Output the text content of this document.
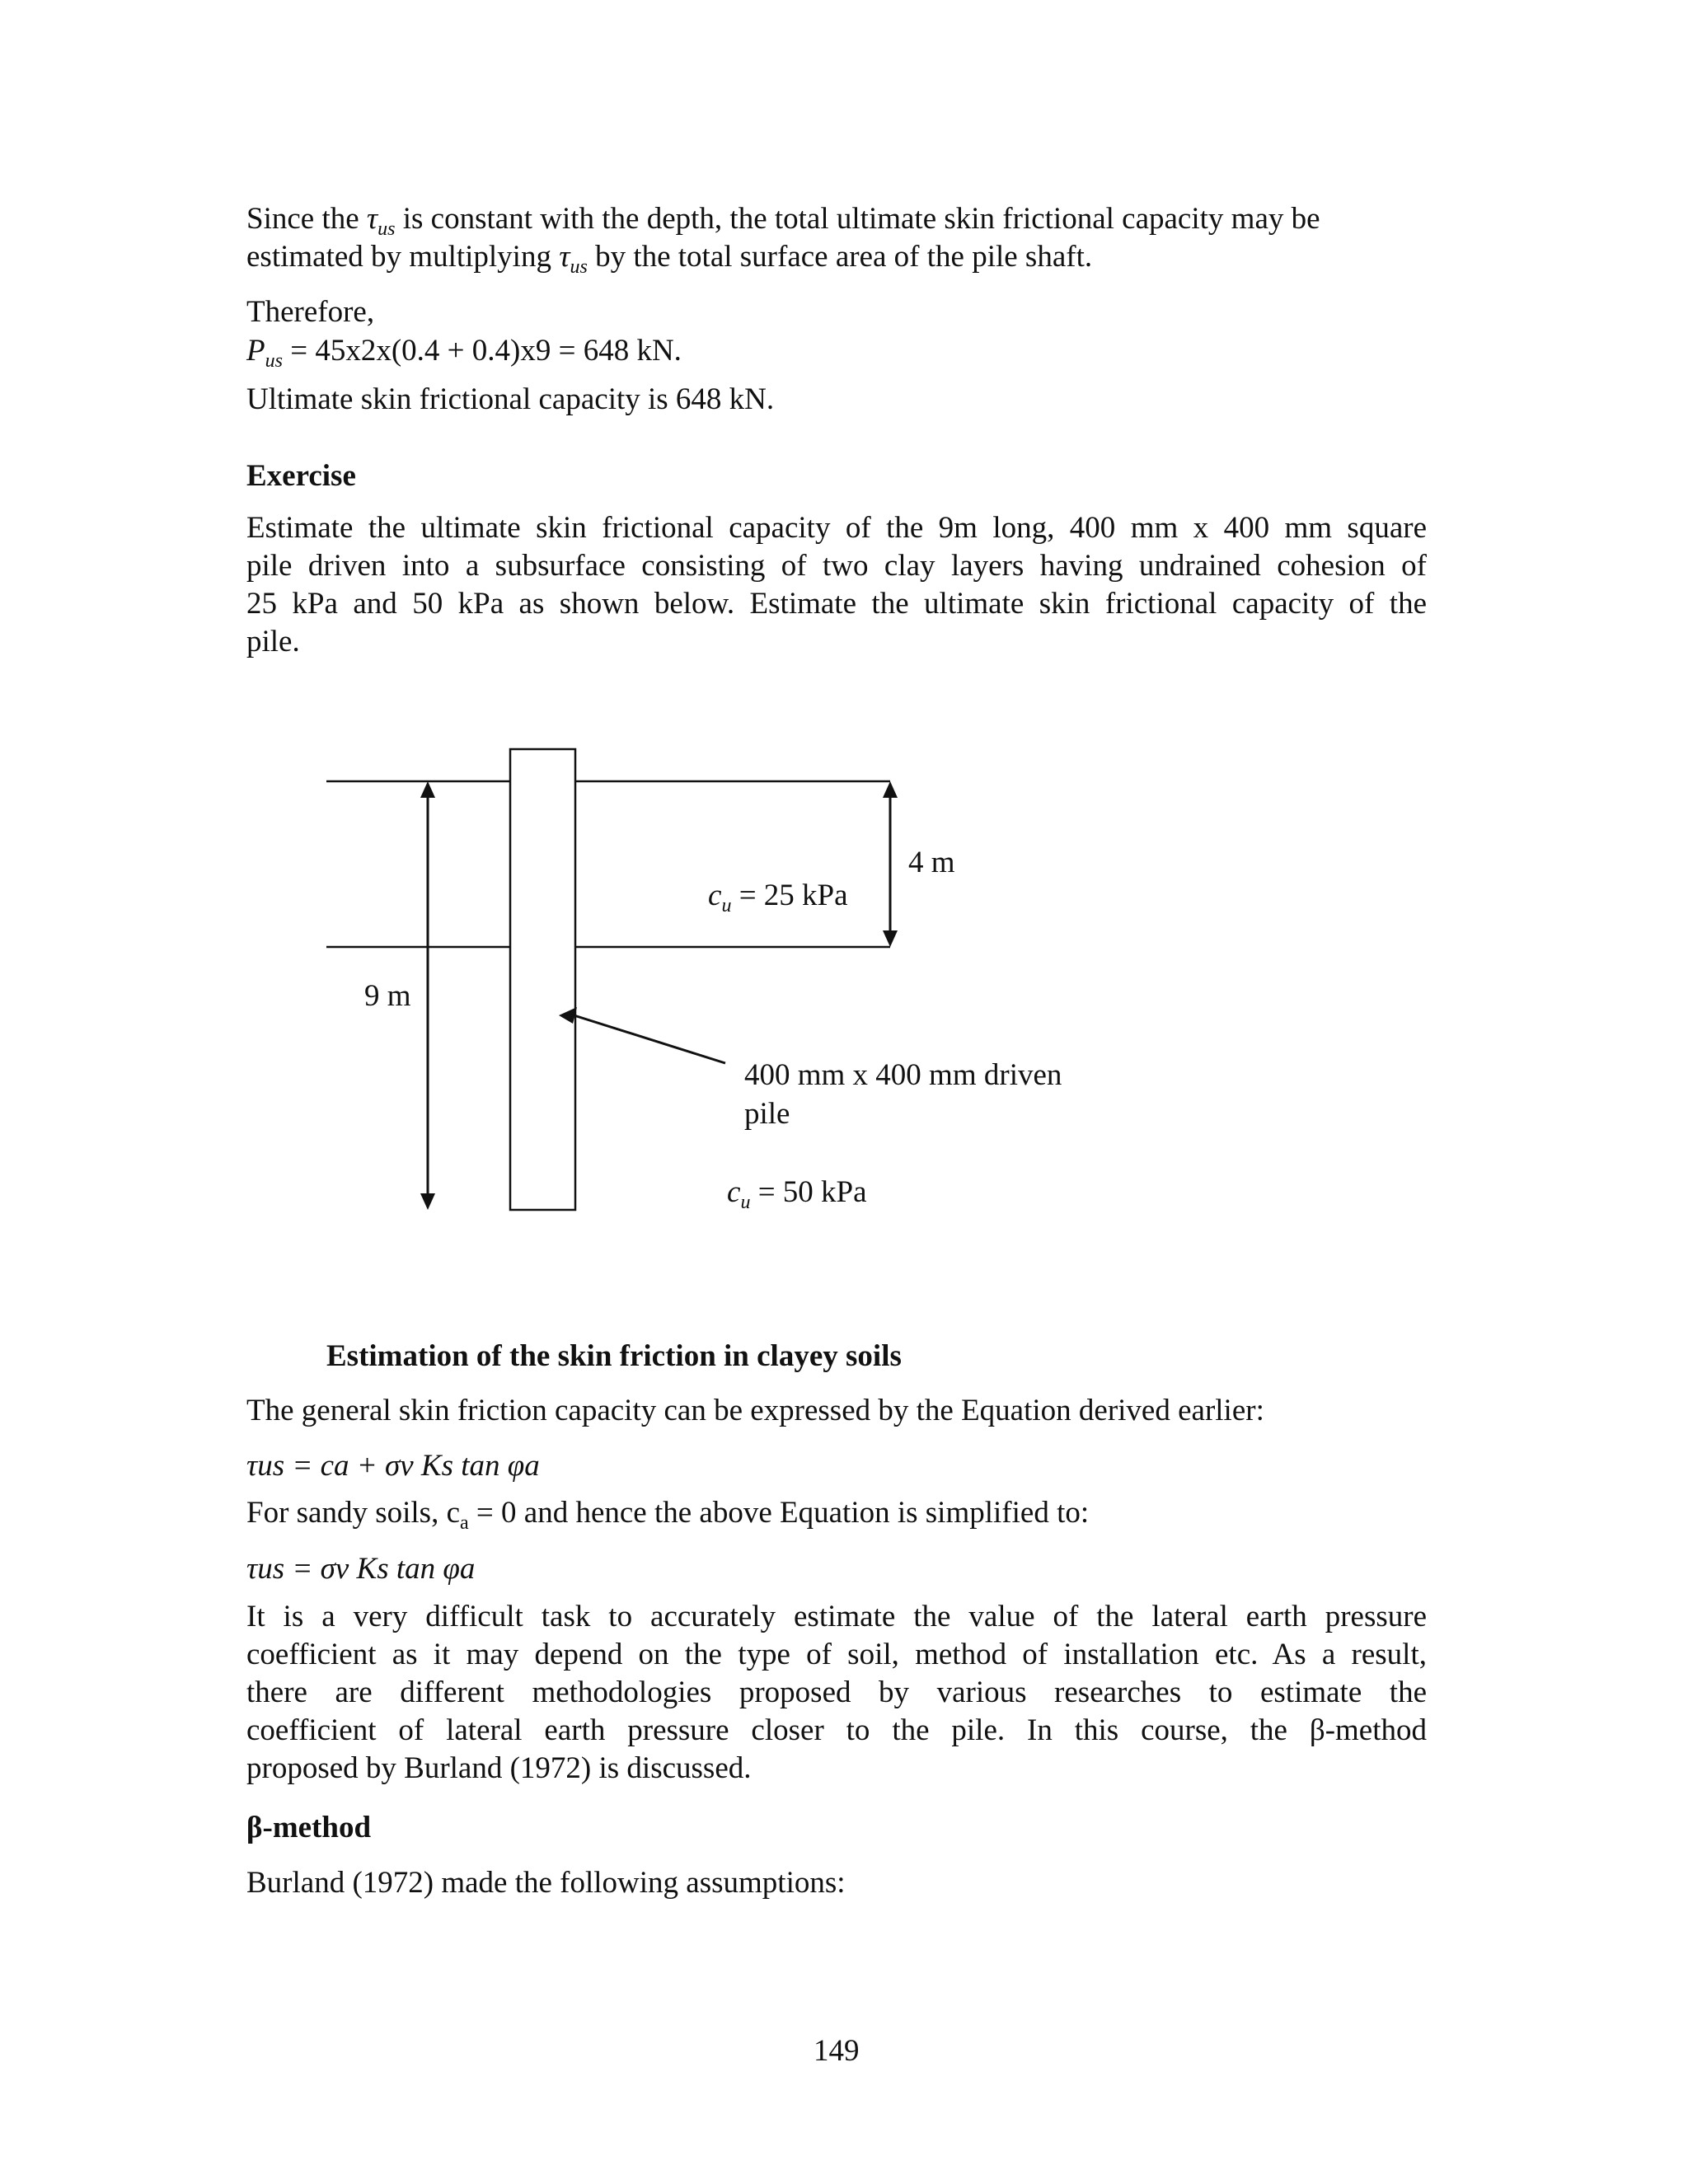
Since the $\tau_{us}$ is constant with the depth, the total ultimate skin frictional capacity may be
estimated by multiplying $\tau_{us}$ by the total surface area of the pile shaft.
Therefore,
$P_{us} = 45x2x(0.4 + 0.4)x9 = 648$ kN.
Ultimate skin frictional capacity is 648 kN.
Exercise
Estimate the ultimate skin frictional capacity of the 9m long, 400 mm x 400 mm square
pile driven into a subsurface consisting of two clay layers having undrained cohesion of
25 kPa and 50 kPa as shown below. Estimate the ultimate skin frictional capacity of the
pile.
4 m
$c_u = 25$ kPa
9 m
400 mm x 400 mm driven
pile
$c_u = 50$ kPa
Estimation of the skin friction in clayey soils
The general skin friction capacity can be expressed by the Equation derived earlier:
τus = ca + σv Ks tan φa
For sandy soils, $c_a = 0$ and hence the above Equation is simplified to:
τus = σv Ks tan φa
It is a very difficult task to accurately estimate the value of the lateral earth pressure
coefficient as it may depend on the type of soil, method of installation etc. As a result,
there are different methodologies proposed by various researches to estimate the
coefficient of lateral earth pressure closer to the pile. In this course, the β-method
proposed by Burland (1972) is discussed.
β-method
Burland (1972) made the following assumptions:
149
